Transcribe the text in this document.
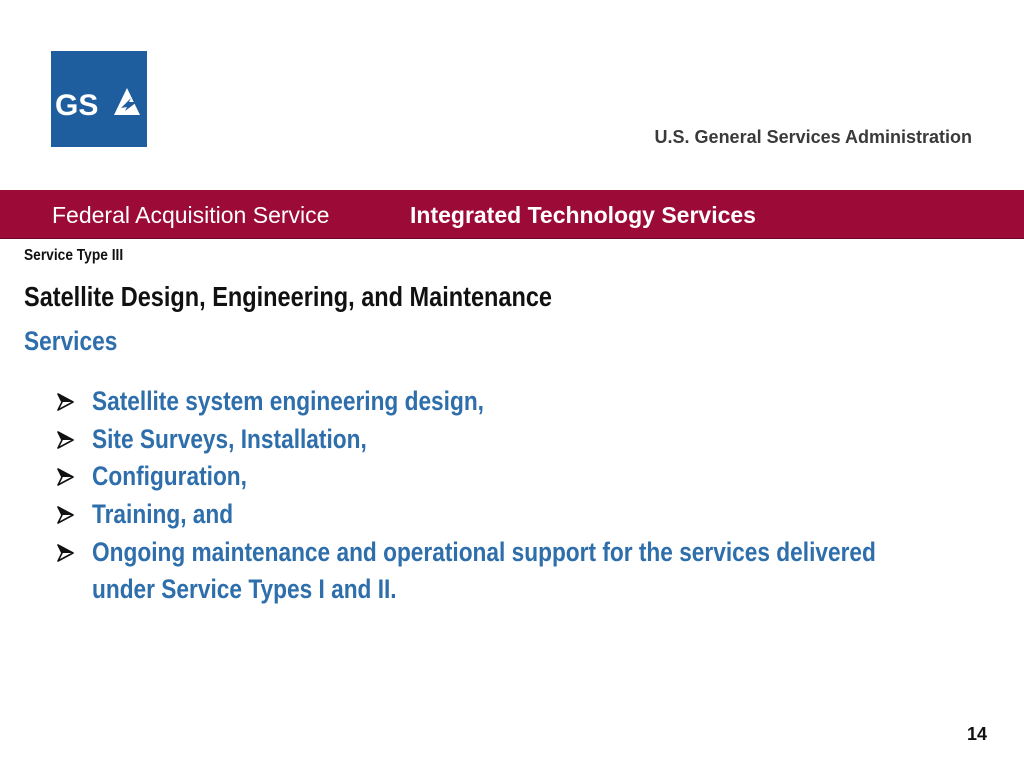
GS
U.S. General Services Administration
Federal Acquisition Service	Integrated Technology Services
Service Type III
Satellite Design, Engineering, and Maintenance
Services
Satellite system engineering design,
Site Surveys, Installation,
Configuration,
Training, and
Ongoing maintenance and operational support for the services delivered under Service Types I and II.
14
